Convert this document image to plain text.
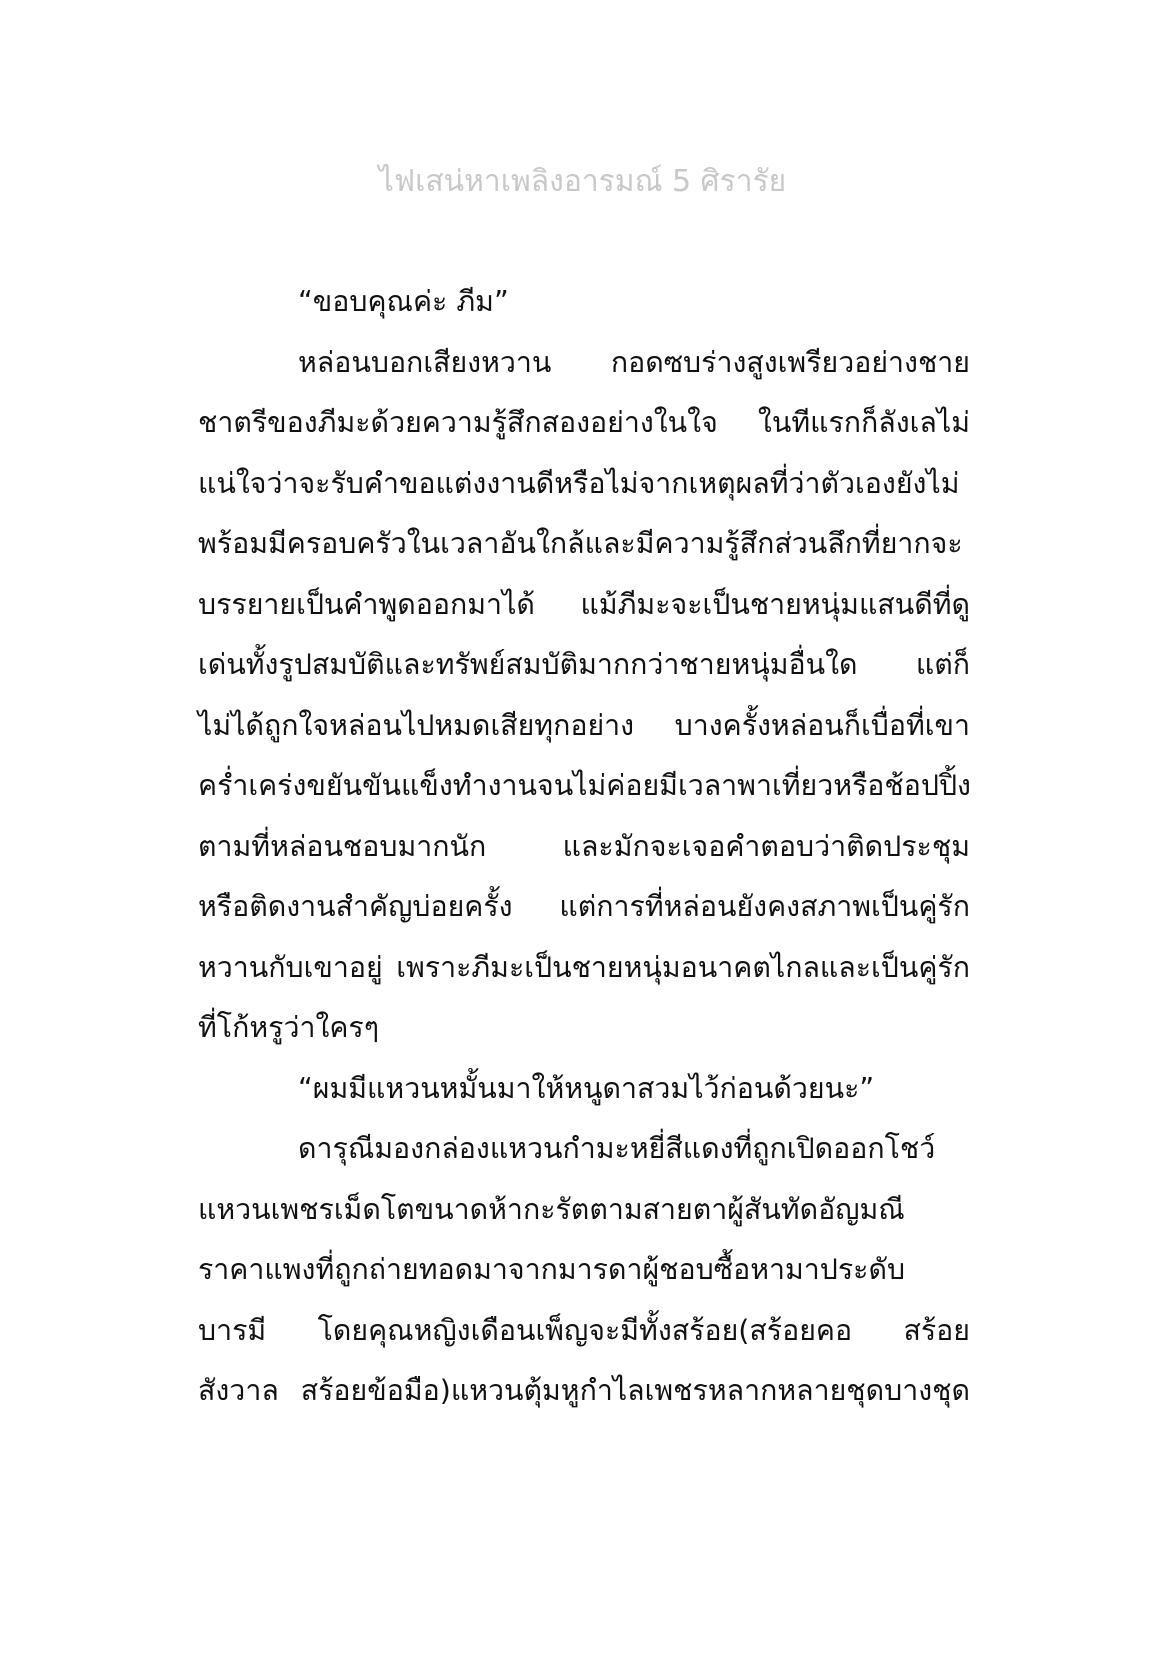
ไฟเสน่หาเพลิงอารมณ์ 5 ศิรารัย
“ขอบคุณค่ะ ภีม”
หล่อนบอกเสียงหวาน กอดซบร่างสูงเพรียวอย่างชาย
ชาตรีของภีมะด้วยความรู้สึกสองอย่างในใจ ในทีแรกก็ลังเลไม่
แน่ใจว่าจะรับคำขอแต่งงานดีหรือไม่จากเหตุผลที่ว่าตัวเองยังไม่
พร้อมมีครอบครัวในเวลาอันใกล้และมีความรู้สึกส่วนลึกที่ยากจะ
บรรยายเป็นคำพูดออกมาได้ แม้ภีมะจะเป็นชายหนุ่มแสนดีที่ดู
เด่นทั้งรูปสมบัติและทรัพย์สมบัติมากกว่าชายหนุ่มอื่นใด แต่ก็
ไม่ได้ถูกใจหล่อนไปหมดเสียทุกอย่าง บางครั้งหล่อนก็เบื่อที่เขา
คร่ำเคร่งขยันขันแข็งทำงานจนไม่ค่อยมีเวลาพาเที่ยวหรือช้อปปิ้ง
ตามที่หล่อนชอบมากนัก และมักจะเจอคำตอบว่าติดประชุม
หรือติดงานสำคัญบ่อยครั้ง แต่การที่หล่อนยังคงสภาพเป็นคู่รัก
หวานกับเขาอยู่ เพราะภีมะเป็นชายหนุ่มอนาคตไกลและเป็นคู่รัก
ที่โก้หรูว่าใครๆ
“ผมมีแหวนหมั้นมาให้หนูดาสวมไว้ก่อนด้วยนะ”
ดารุณีมองกล่องแหวนกำมะหยี่สีแดงที่ถูกเปิดออกโชว์
แหวนเพชรเม็ดโตขนาดห้ากะรัตตามสายตาผู้สันทัดอัญมณี
ราคาแพงที่ถูกถ่ายทอดมาจากมารดาผู้ชอบซื้อหามาประดับ
บารมี โดยคุณหญิงเดือนเพ็ญจะมีทั้งสร้อย(สร้อยคอ สร้อย
สังวาล สร้อยข้อมือ)แหวนตุ้มหูกำไลเพชรหลากหลายชุดบางชุด
